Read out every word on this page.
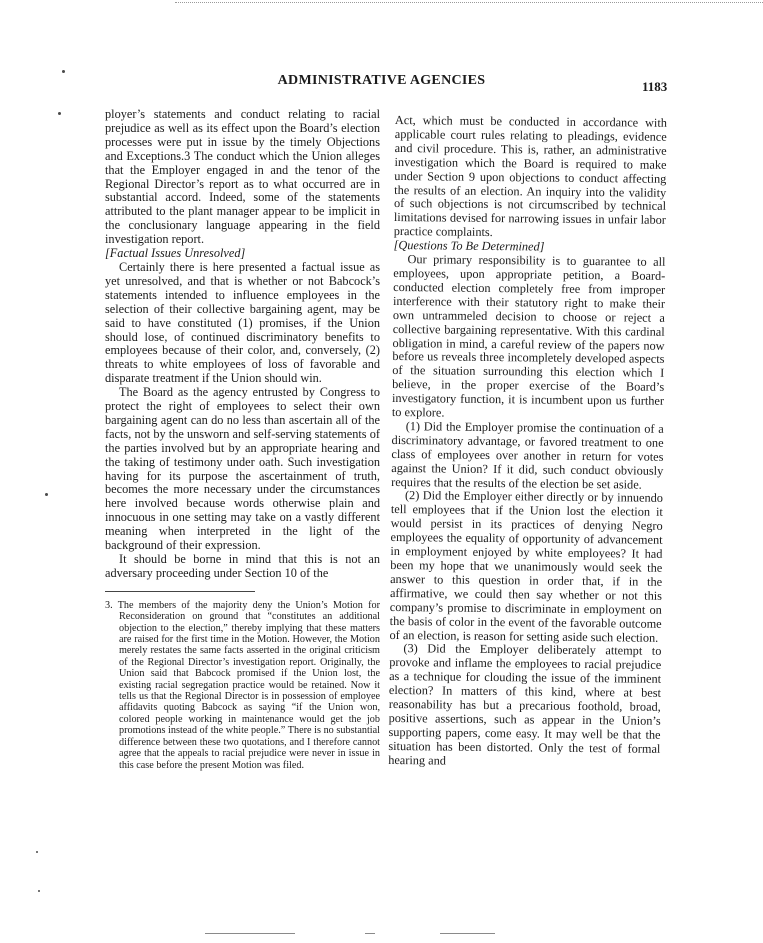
ADMINISTRATIVE AGENCIES	1183

ployer’s statements and conduct relating to racial prejudice as well as its effect upon the Board’s election processes were put in issue by the timely Objections and Exceptions.3 The conduct which the Union alleges that the Employer engaged in and the tenor of the Regional Director’s report as to what occurred are in substantial accord. Indeed, some of the statements attributed to the plant manager appear to be implicit in the conclusionary language appearing in the field investigation report.

[Factual Issues Unresolved]

Certainly there is here presented a factual issue as yet unresolved, and that is whether or not Babcock’s statements intended to influence employees in the selection of their collective bargaining agent, may be said to have constituted (1) promises, if the Union should lose, of continued discriminatory benefits to employees because of their color, and, conversely, (2) threats to white employees of loss of favorable and disparate treatment if the Union should win.

The Board as the agency entrusted by Congress to protect the right of employees to select their own bargaining agent can do no less than ascertain all of the facts, not by the unsworn and self-serving statements of the parties involved but by an appropriate hearing and the taking of testimony under oath. Such investigation having for its purpose the ascertainment of truth, becomes the more necessary under the circumstances here involved because words otherwise plain and innocuous in one setting may take on a vastly different meaning when interpreted in the light of the background of their expression.

It should be borne in mind that this is not an adversary proceeding under Section 10 of the

3. The members of the majority deny the Union’s Motion for Reconsideration on ground that “constitutes an additional objection to the election,” thereby implying that these matters are raised for the first time in the Motion. However, the Motion merely restates the same facts asserted in the original criticism of the Regional Director’s investigation report. Originally, the Union said that Babcock promised if the Union lost, the existing racial segregation practice would be retained. Now it tells us that the Regional Director is in possession of employee affidavits quoting Babcock as saying “if the Union won, colored people working in maintenance would get the job promotions instead of the white people.” There is no substantial difference between these two quotations, and I therefore cannot agree that the appeals to racial prejudice were never in issue in this case before the present Motion was filed.

Act, which must be conducted in accordance with applicable court rules relating to pleadings, evidence and civil procedure. This is, rather, an administrative investigation which the Board is required to make under Section 9 upon objections to conduct affecting the results of an election. An inquiry into the validity of such objections is not circumscribed by technical limitations devised for narrowing issues in unfair labor practice complaints.

[Questions To Be Determined]

Our primary responsibility is to guarantee to all employees, upon appropriate petition, a Board-conducted election completely free from improper interference with their statutory right to make their own untrammeled decision to choose or reject a collective bargaining representative. With this cardinal obligation in mind, a careful review of the papers now before us reveals three incompletely developed aspects of the situation surrounding this election which I believe, in the proper exercise of the Board’s investigatory function, it is incumbent upon us further to explore.

(1) Did the Employer promise the continuation of a discriminatory advantage, or favored treatment to one class of employees over another in return for votes against the Union? If it did, such conduct obviously requires that the results of the election be set aside.

(2) Did the Employer either directly or by innuendo tell employees that if the Union lost the election it would persist in its practices of denying Negro employees the equality of opportunity of advancement in employment enjoyed by white employees? It had been my hope that we unanimously would seek the answer to this question in order that, if in the affirmative, we could then say whether or not this company’s promise to discriminate in employment on the basis of color in the event of the favorable outcome of an election, is reason for setting aside such election.

(3) Did the Employer deliberately attempt to provoke and inflame the employees to racial prejudice as a technique for clouding the issue of the imminent election? In matters of this kind, where at best reasonability has but a precarious foothold, broad, positive assertions, such as appear in the Union’s supporting papers, come easy. It may well be that the situation has been distorted. Only the test of formal hearing and
